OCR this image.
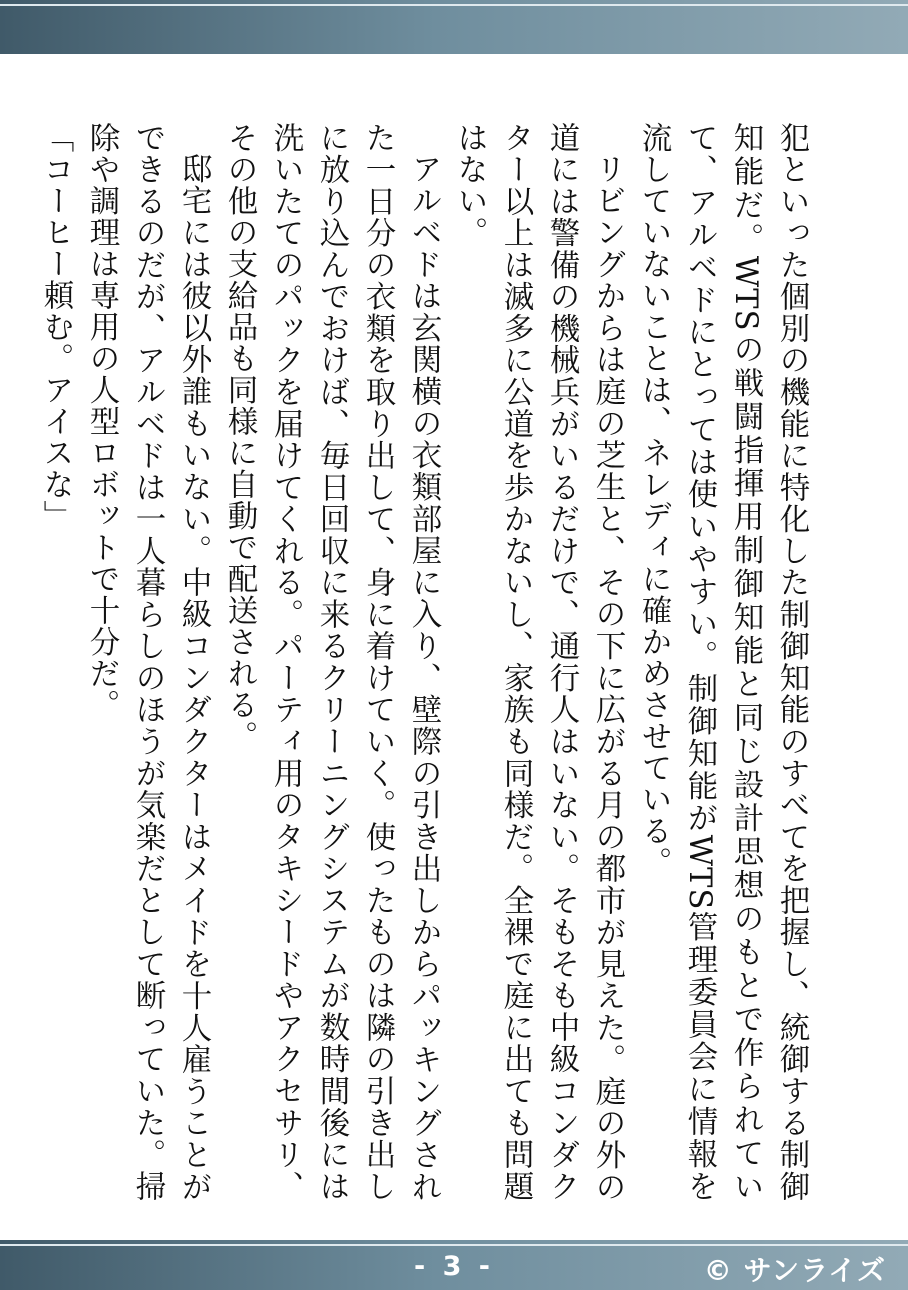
犯といった個別の機能に特化した制御知能のすべてを把握し、統御する制御知能だ。WTSの戦闘指揮用制御知能と同じ設計思想のもとで作られていて、アルベドにとっては使いやすい。制御知能がWTS管理委員会に情報を流していないことは、ネレディに確かめさせている。

リビングからは庭の芝生と、その下に広がる月の都市が見えた。庭の外の道には警備の機械兵がいるだけで、通行人はいない。そもそも中級コンダクター以上は滅多に公道を歩かないし、家族も同様だ。全裸で庭に出ても問題はない。

アルベドは玄関横の衣類部屋に入り、壁際の引き出しからパッキングされた一日分の衣類を取り出して、身に着けていく。使ったものは隣の引き出しに放り込んでおけば、毎日回収に来るクリーニングシステムが数時間後には洗いたてのパックを届けてくれる。パーティ用のタキシードやアクセサリ、その他の支給品も同様に自動で配送される。

邸宅には彼以外誰もいない。中級コンダクターはメイドを十人雇うことができるのだが、アルベドは一人暮らしのほうが気楽だとして断っていた。掃除や調理は専用の人型ロボットで十分だ。

「コーヒー頼む。アイスな」

- 3 -	© サンライズ
